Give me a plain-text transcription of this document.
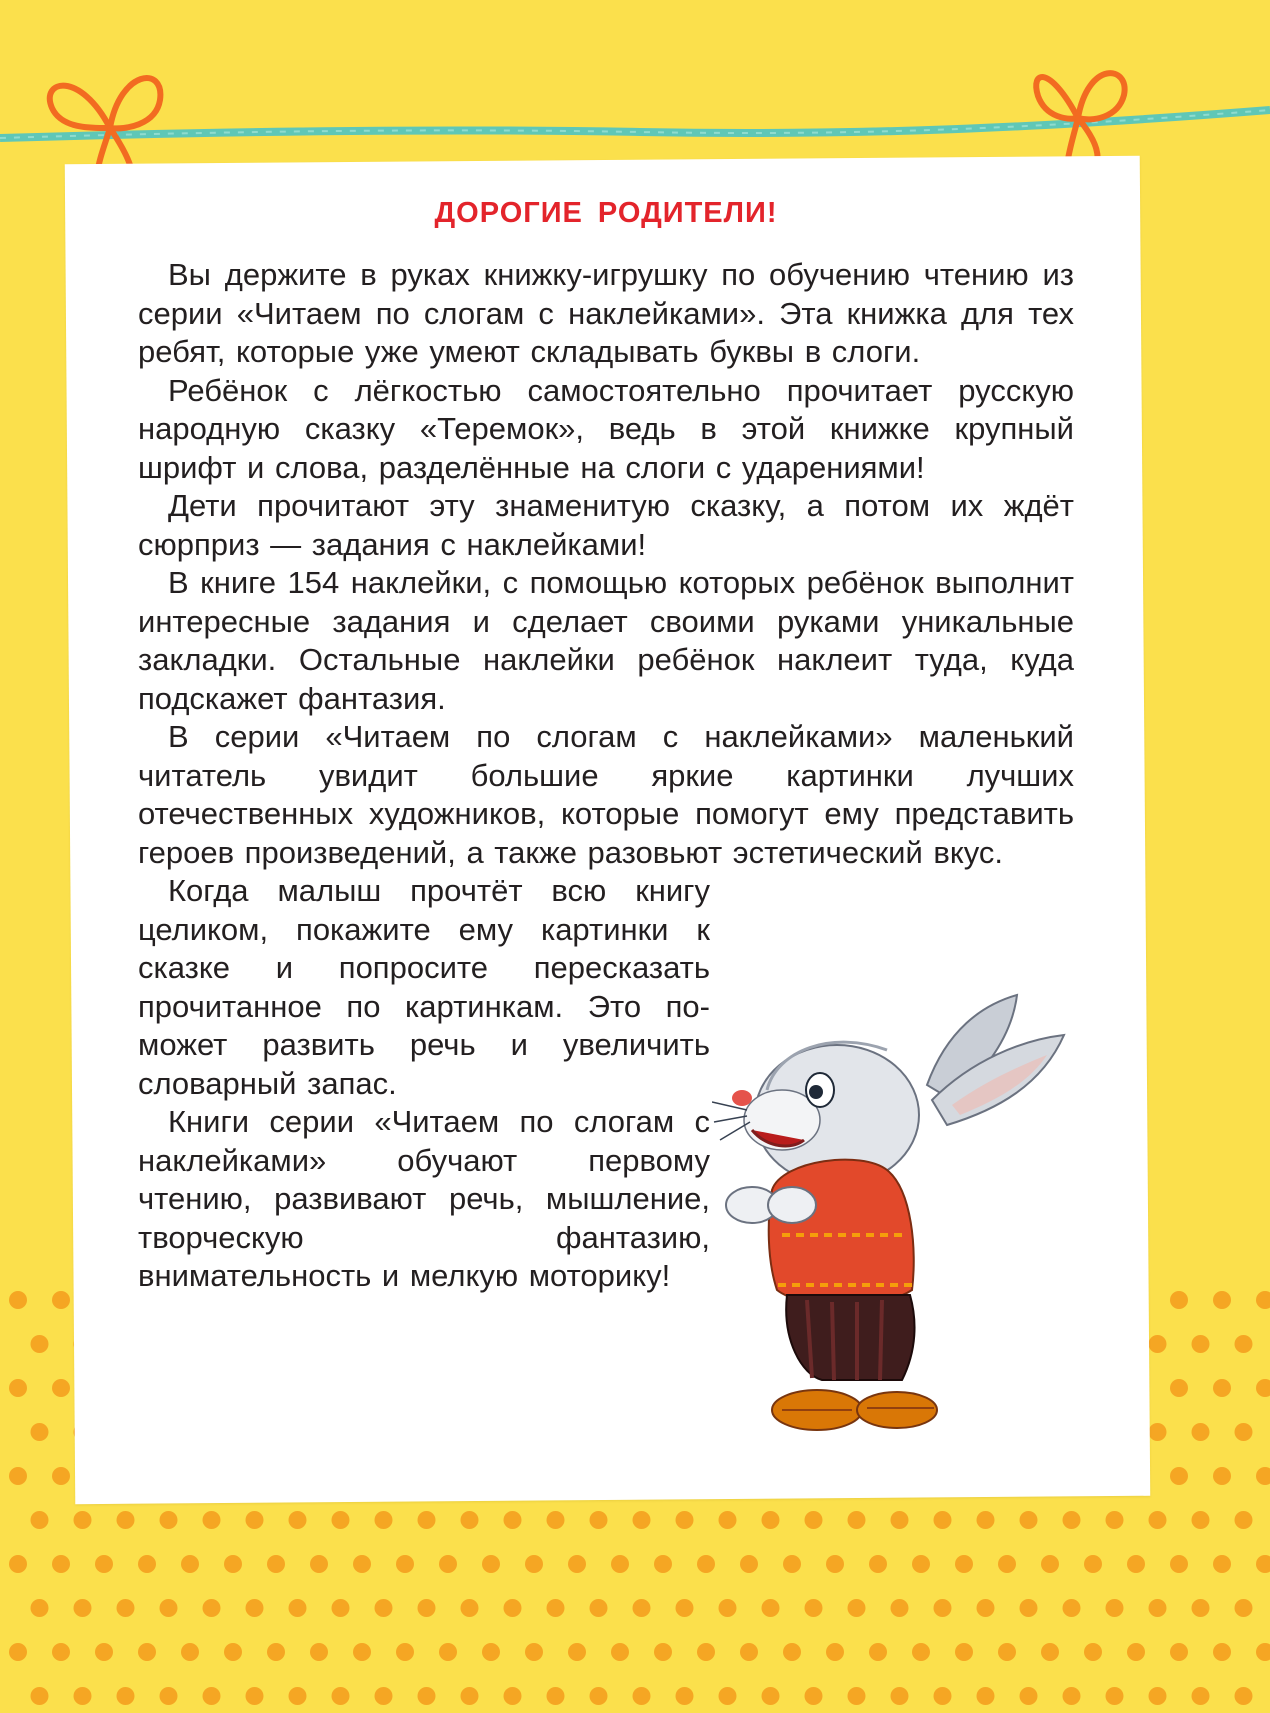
ДОРОГИЕ РОДИТЕЛИ!

Вы держите в руках книжку-игрушку по обучению чтению из серии «Читаем по слогам с наклейками». Эта книжка для тех ребят, которые уже умеют складывать буквы в слоги.

Ребёнок с лёгкостью самостоятельно прочитает русскую народную сказку «Теремок», ведь в этой книжке крупный шрифт и слова, разделённые на слоги с ударениями!

Дети прочитают эту знаменитую сказку, а потом их ждёт сюрприз — задания с наклейками!

В книге 154 наклейки, с помощью которых ребёнок выполнит интересные задания и сделает своими руками уникальные закладки. Остальные наклейки ребёнок наклеит туда, куда подскажет фантазия.

В серии «Читаем по слогам с наклейками» маленький читатель увидит большие яркие картинки лучших отечественных художников, которые помогут ему представить героев произведений, а также разовьют эстетический вкус.

Когда малыш прочтёт всю книгу целиком, покажите ему картинки к сказке и попросите пересказать прочитанное по картинкам. Это поможет развить речь и увеличить словарный запас.

Книги серии «Читаем по слогам с наклейками» обучают первому чтению, развивают речь, мышление, творческую фантазию, внимательность и мелкую моторику!
